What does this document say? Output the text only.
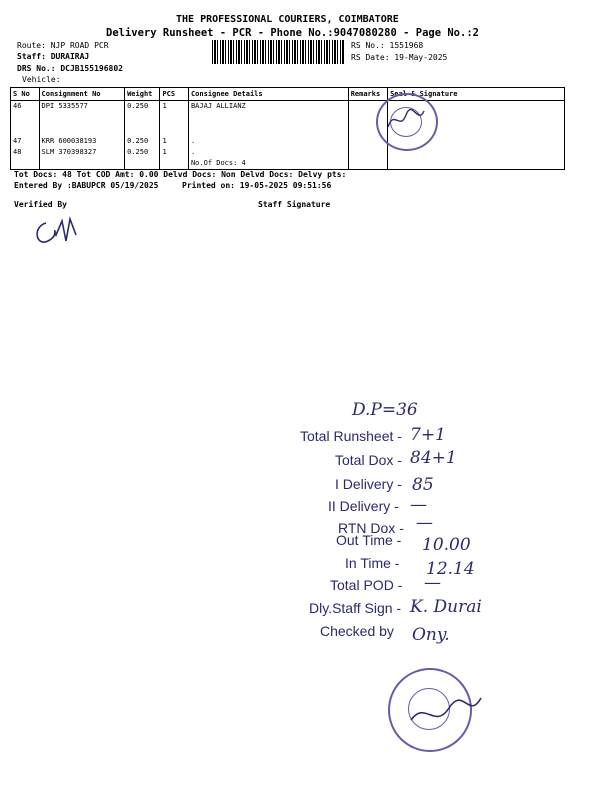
THE PROFESSIONAL COURIERS, COIMBATORE
Delivery Runsheet - PCR - Phone No.:9047080280 - Page No.:2
Route: NJP ROAD PCR
Staff: DURAIRAJ
DRS No.: DCJB155196802
Vehicle:
RS No.: 1551968
RS Date: 19-May-2025
S No	Consignment No	Weight	PCS	Consignee Details	Remarks	Seal & Signature
46	DPI 5335577	0.250	1	BAJAJ ALLIANZ		

47	KRR 600038193	0.250	1	.		
48	SLM 370398327	0.250	1	.		
				No.Of Docs: 4		
Tot Docs: 48 Tot COD Amt: 0.00 Delvd Docs: Non Delvd Docs: Delvy pts:
Entered By :BABUPCR 05/19/2025	Printed on: 19-05-2025 09:51:56
Verified By	Staff Signature
D.P=36
Total Runsheet - 7+1
Total Dox - 84+1
I Delivery - 85
II Delivery - —
RTN Dox - —
Out Time - 10.00
In Time - 12.14
Total POD - —
Dly.Staff Sign - K. Durai
Checked by Ony.
